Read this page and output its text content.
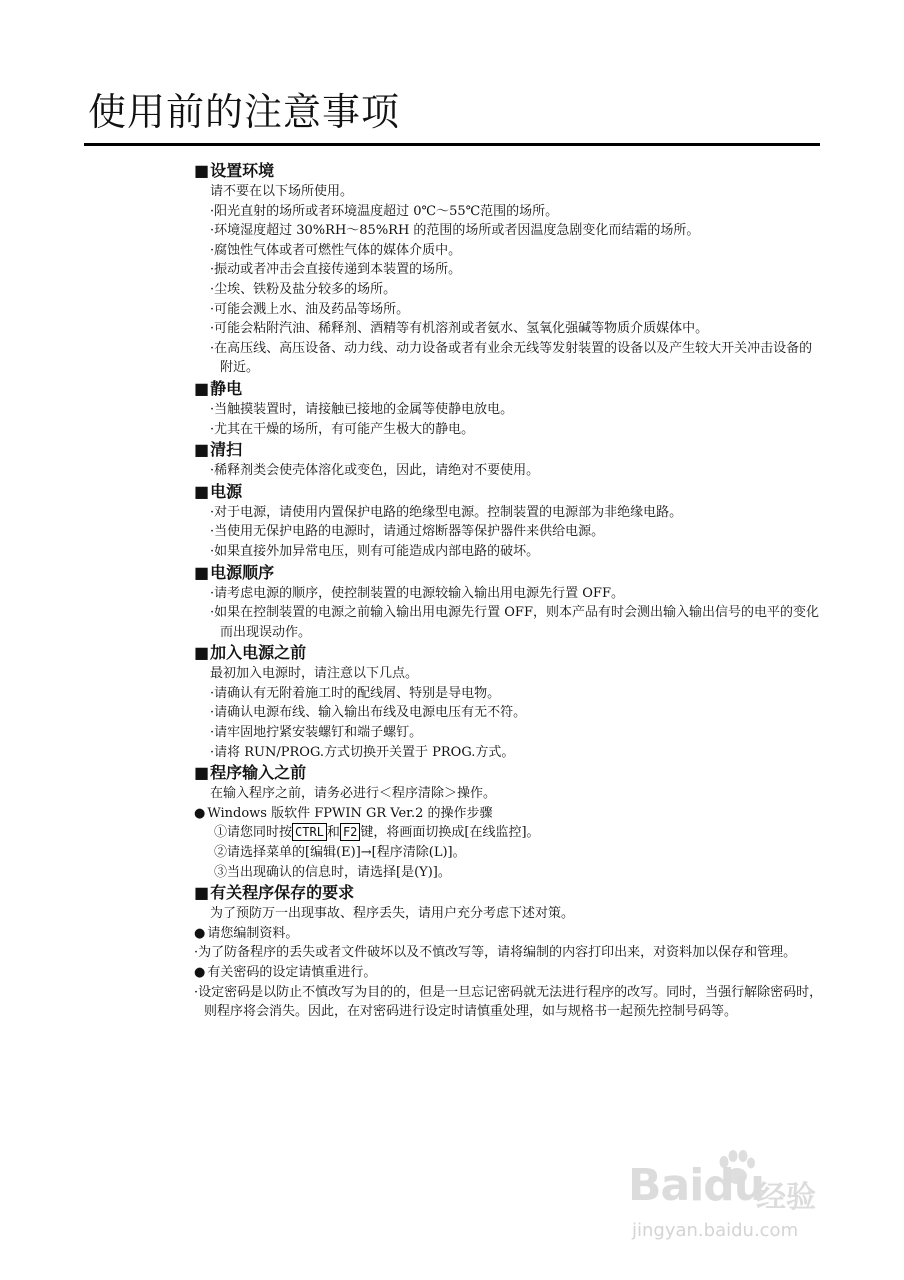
使用前的注意事项
■设置环境
请不要在以下场所使用。
·阳光直射的场所或者环境温度超过 0℃～55℃范围的场所。
·环境湿度超过 30%RH～85%RH 的范围的场所或者因温度急剧变化而结霜的场所。
·腐蚀性气体或者可燃性气体的媒体介质中。
·振动或者冲击会直接传递到本装置的场所。
·尘埃、铁粉及盐分较多的场所。
·可能会溅上水、油及药品等场所。
·可能会粘附汽油、稀释剂、酒精等有机溶剂或者氨水、氢氧化强碱等物质介质媒体中。
·在高压线、高压设备、动力线、动力设备或者有业余无线等发射装置的设备以及产生较大开关冲击设备的附近。
■静电
·当触摸装置时，请接触已接地的金属等使静电放电。
·尤其在干燥的场所，有可能产生极大的静电。
■清扫
·稀释剂类会使壳体溶化或变色，因此，请绝对不要使用。
■电源
·对于电源，请使用内置保护电路的绝缘型电源。控制装置的电源部为非绝缘电路。
·当使用无保护电路的电源时，请通过熔断器等保护器件来供给电源。
·如果直接外加异常电压，则有可能造成内部电路的破坏。
■电源顺序
·请考虑电源的顺序，使控制装置的电源较输入输出用电源先行置 OFF。
·如果在控制装置的电源之前输入输出用电源先行置 OFF，则本产品有时会测出输入输出信号的电平的变化而出现误动作。
■加入电源之前
最初加入电源时，请注意以下几点。
·请确认有无附着施工时的配线屑、特别是导电物。
·请确认电源布线、输入输出布线及电源电压有无不符。
·请牢固地拧紧安装螺钉和端子螺钉。
·请将 RUN/PROG.方式切换开关置于 PROG.方式。
■程序输入之前
在输入程序之前，请务必进行＜程序清除＞操作。
● Windows 版软件 FPWIN GR Ver.2 的操作步骤
①请您同时按 CTRL 和 F2 键，将画面切换成[在线监控]。
②请选择菜单的[编辑(E)]→[程序清除(L)]。
③当出现确认的信息时，请选择[是(Y)]。
■有关程序保存的要求
为了预防万一出现事故、程序丢失，请用户充分考虑下述对策。
● 请您编制资料。
·为了防备程序的丢失或者文件破坏以及不慎改写等，请将编制的内容打印出来，对资料加以保存和管理。
● 有关密码的设定请慎重进行。
·设定密码是以防止不慎改写为目的的，但是一旦忘记密码就无法进行程序的改写。同时，当强行解除密码时，则程序将会消失。因此，在对密码进行设定时请慎重处理，如与规格书一起预先控制号码等。
Baidu
经验
jingyan.baidu.com
